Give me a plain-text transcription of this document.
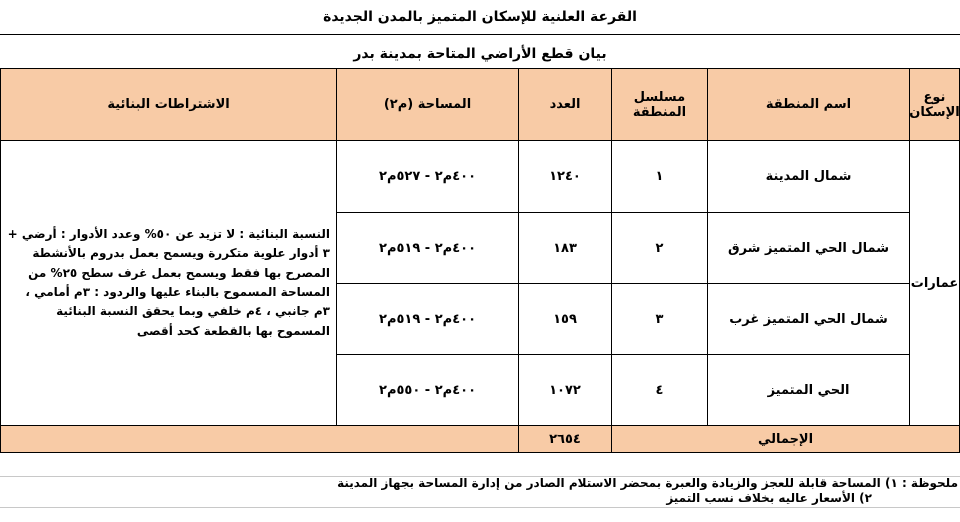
القرعة العلنية للإسكان المتميز بالمدن الجديدة
بيان قطع الأراضي المتاحة بمدينة بدر
الاشتراطات البنائية	المساحة (م٢)	العدد	مسلسل المنطقة	اسم المنطقة	نوع الإسكان
النسبة البنائية : لا تزيد عن ٥٠% وعدد الأدوار : أرضي + ٣ أدوار علوية متكررة ويسمح بعمل بدروم بالأنشطة المصرح بها فقط ويسمح بعمل غرف سطح ٢٥% من المساحة المسموح بالبناء عليها والردود : ٣م أمامي ، ٣م جانبي ، ٤م خلفي وبما يحقق النسبة البنائية المسموح بها بالقطعة كحد أقصى
٤٠٠م٢ - ٥٢٧م٢	١٢٤٠	١	شمال المدينة
٤٠٠م٢ - ٥١٩م٢	١٨٣	٢	شمال الحي المتميز شرق
٤٠٠م٢ - ٥١٩م٢	١٥٩	٣	شمال الحي المتميز غرب
٤٠٠م٢ - ٥٥٠م٢	١٠٧٢	٤	الحي المتميز
عمارات
٢٦٥٤	الإجمالي
ملحوظة : ١) المساحة قابلة للعجز والزيادة والعبرة بمحضر الاستلام الصادر من إدارة المساحة بجهاز المدينة
٢) الأسعار عاليه بخلاف نسب التميز
